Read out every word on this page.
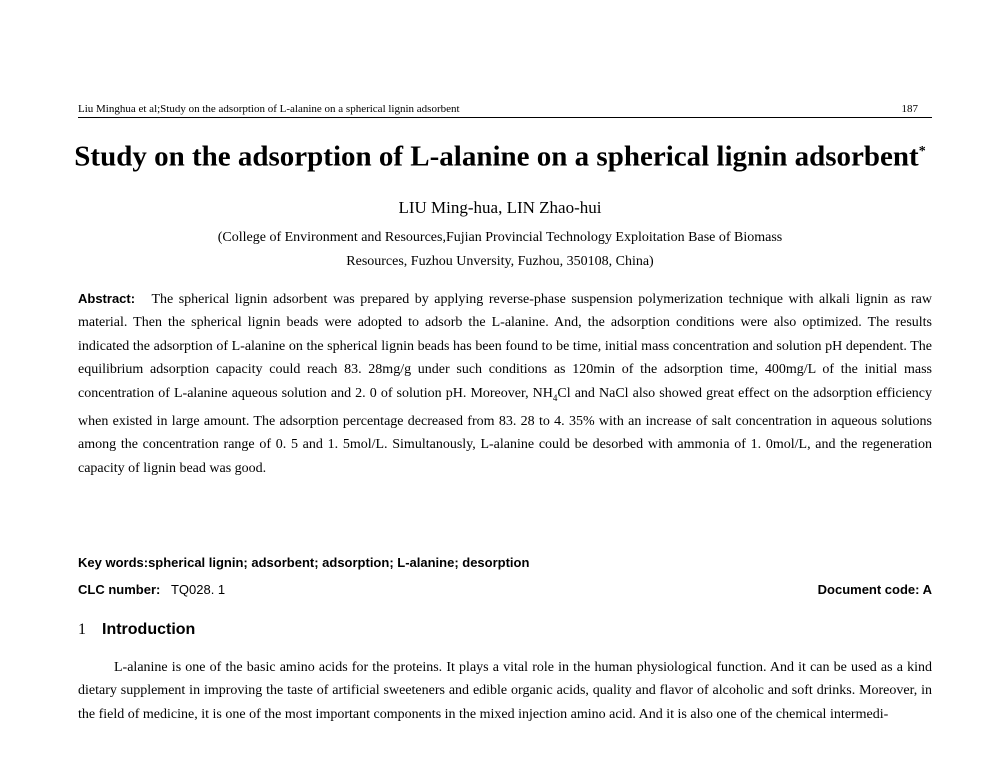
Liu Minghua et al;Study on the adsorption of L-alanine on a spherical lignin adsorbent	187

Study on the adsorption of L-alanine on a spherical lignin adsorbent*
LIU Ming-hua, LIN Zhao-hui
(College of Environment and Resources,Fujian Provincial Technology Exploitation Base of Biomass
Resources, Fuzhou Unversity, Fuzhou, 350108, China)
Abstract: The spherical lignin adsorbent was prepared by applying reverse-phase suspension polymerization technique with alkali lignin as raw material. Then the spherical lignin beads were adopted to adsorb the L-alanine. And, the adsorption conditions were also optimized. The results indicated the adsorption of L-alanine on the spherical lignin beads has been found to be time, initial mass concentration and solution pH dependent. The equilibrium adsorption capacity could reach 83. 28mg/g under such conditions as 120min of the adsorption time, 400mg/L of the initial mass concentration of L-alanine aqueous solution and 2. 0 of solution pH. Moreover, $NH_4Cl$ and NaCl also showed great effect on the adsorption efficiency when existed in large amount. The adsorption percentage decreased from 83. 28 to 4. 35% with an increase of salt concentration in aqueous solutions among the concentration range of 0. 5 and 1. 5mol/L. Simultanously, L-alanine could be desorbed with ammonia of 1. 0mol/L, and the regeneration capacity of lignin bead was good.
Key words:spherical lignin; adsorbent; adsorption; L-alanine; desorption
CLC number: TQ028. 1	Document code: A
1 Introduction
L-alanine is one of the basic amino acids for the proteins. It plays a vital role in the human physiological function. And it can be used as a kind dietary supplement in improving the taste of artificial sweeteners and edible organic acids, quality and flavor of alcoholic and soft drinks. Moreover, in the field of medicine, it is one of the most important components in the mixed injection amino acid. And it is also one of the chemical intermedi-
